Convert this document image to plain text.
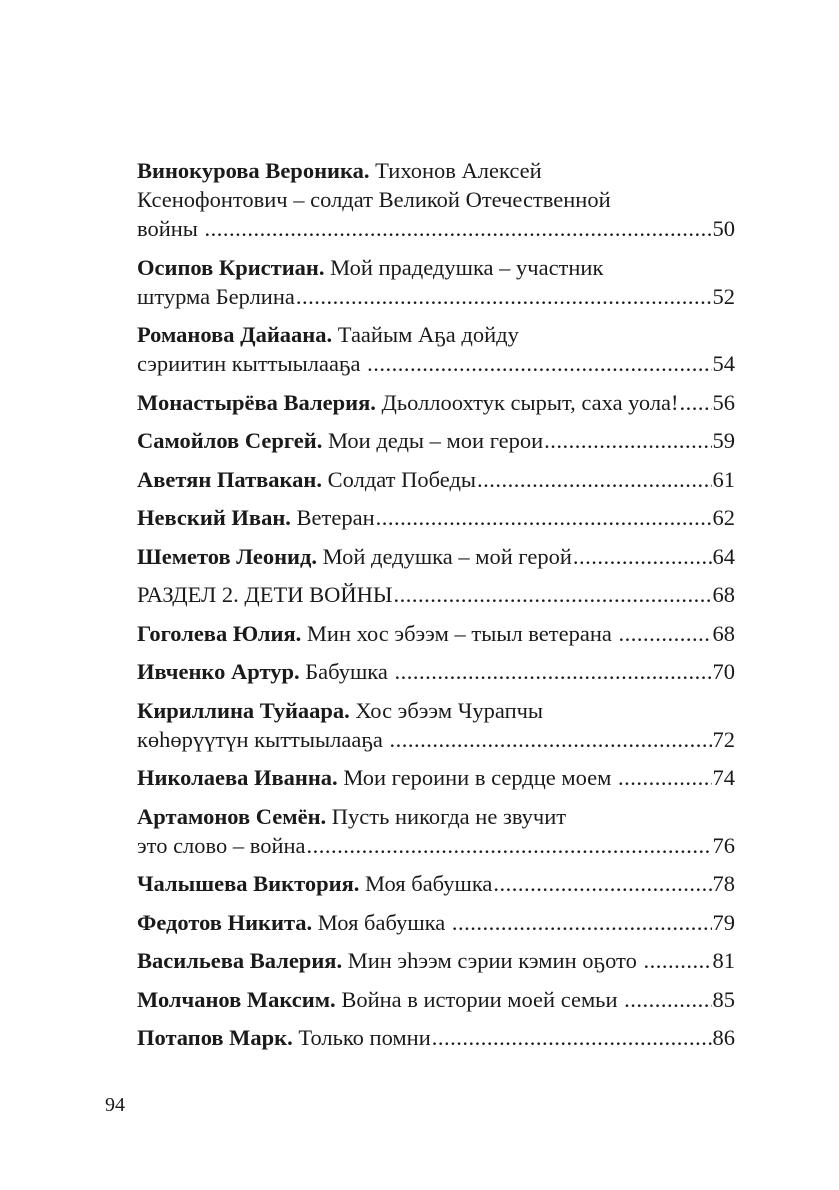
Винокурова Вероника. Тихонов Алексей
Ксенофонтович – солдат Великой Отечественной
войны .....	50
Осипов Кристиан. Мой прадедушка – участник
штурма Берлина .....	52
Романова Дайаана. Таайым Аҕа дойду
сэриитин кыттыылааҕа .....	54
Монастырёва Валерия. Дьоллоохтук сырыт, саха уола! ..... 56
Самойлов Сергей. Мои деды – мои герои .....	59
Аветян Патвакан. Солдат Победы .....	61
Невский Иван. Ветеран .....	62
Шеметов Леонид. Мой дедушка – мой герой .....	64
РАЗДЕЛ 2. ДЕТИ ВОЙНЫ .....	68
Гоголева Юлия. Мин хос эбээм – тыыл ветерана .....	68
Ивченко Артур. Бабушка .....	70
Кириллина Туйаара. Хос эбээм Чурапчы
көһөрүүтүн кыттыылааҕа .....	72
Николаева Иванна. Мои героини в сердце моем .....	74
Артамонов Семён. Пусть никогда не звучит
это слово – война .....	76
Чалышева Виктория. Моя бабушка .....	78
Федотов Никита. Моя бабушка .....	79
Васильева Валерия. Мин эһээм сэрии кэмин оҕото .....	81
Молчанов Максим. Война в истории моей семьи .....	85
Потапов Марк. Только помни .....	86
94
